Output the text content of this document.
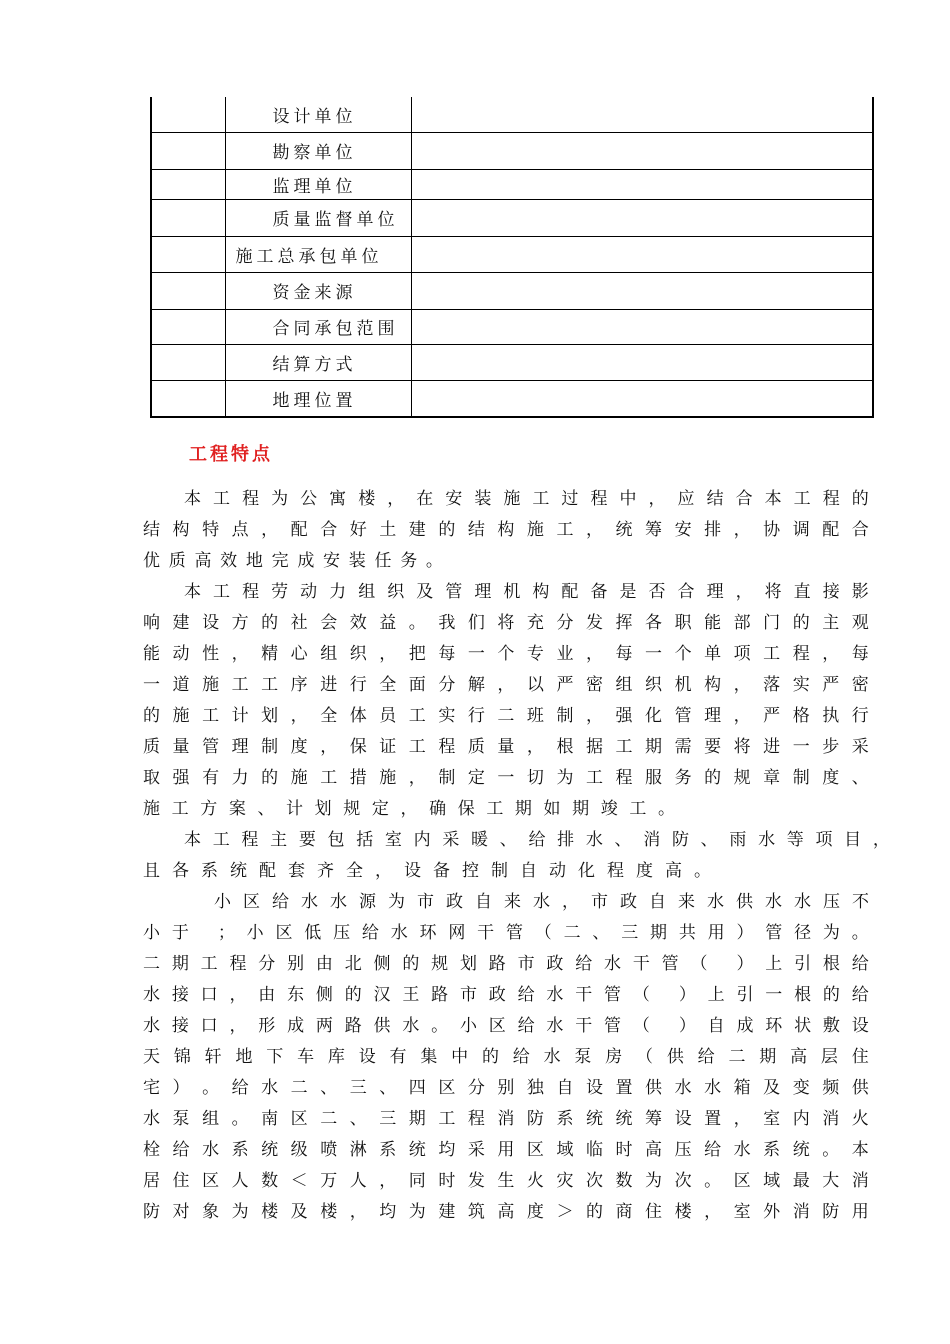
	设计单位	
	勘察单位	
	监理单位	
	质量监督单位	
	施工总承包单位	
	资金来源	
	合同承包范围	
	结算方式	
	地理位置	
工程特点
本 工 程 为 公 寓 楼 ， 在 安 装 施 工 过 程 中 ， 应 结 合 本 工 程 的
结 构 特 点 ， 配 合 好 土 建 的 结 构 施 工 ， 统 筹 安 排 ， 协 调 配 合
优 质 高 效 地 完 成 安 装 任 务 。
本 工 程 劳 动 力 组 织 及 管 理 机 构 配 备 是 否 合 理 ， 将 直 接 影
响 建 设 方 的 社 会 效 益 。 我 们 将 充 分 发 挥 各 职 能 部 门 的 主 观
能 动 性 ， 精 心 组 织 ， 把 每 一 个 专 业 ， 每 一 个 单 项 工 程 ， 每
一 道 施 工 工 序 进 行 全 面 分 解 ， 以 严 密 组 织 机 构 ， 落 实 严 密
的 施 工 计 划 ， 全 体 员 工 实 行 二 班 制 ， 强 化 管 理 ， 严 格 执 行
质 量 管 理 制 度 ， 保 证 工 程 质 量 ， 根 据 工 期 需 要 将 进 一 步 采
取 强 有 力 的 施 工 措 施 ， 制 定 一 切 为 工 程 服 务 的 规 章 制 度 、
施 工 方 案 、 计 划 规 定 ， 确 保 工 期 如 期 竣 工 。
本 工 程 主 要 包 括 室 内 采 暖 、 给 排 水 、 消 防 、 雨 水 等 项 目 ，
且 各 系 统 配 套 齐 全 ， 设 备 控 制 自 动 化 程 度 高 。
小 区 给 水 水 源 为 市 政 自 来 水 ， 市 政 自 来 水 供 水 水 压 不
小 于
； 小 区 低 压 给 水 环 网 干 管 （ 二 、 三 期 共 用 ） 管 径 为 。
二 期 工 程 分 别 由 北 侧 的 规 划 路 市 政 给 水 干 管 （
） 上 引 根 给
水 接 口 ， 由 东 侧 的 汉 王 路 市 政 给 水 干 管 （
） 上 引 一 根 的 给
水 接 口 ， 形 成 两 路 供 水 。 小 区 给 水 干 管 （
） 自 成 环 状 敷 设
天 锦 轩 地 下 车 库 设 有 集 中 的 给 水 泵 房 （ 供 给 二 期 高 层 住
宅 ） 。 给 水 二 、 三 、 四 区 分 别 独 自 设 置 供 水 水 箱 及 变 频 供
水 泵 组 。 南 区 二 、 三 期 工 程 消 防 系 统 统 筹 设 置 ， 室 内 消 火
栓 给 水 系 统 级 喷 淋 系 统 均 采 用 区 域 临 时 高 压 给 水 系 统 。 本
居 住 区 人 数 ＜ 万 人 ， 同 时 发 生 火 灾 次 数 为 次 。 区 域 最 大 消
防 对 象 为 楼 及 楼 ， 均 为 建 筑 高 度 ＞ 的 商 住 楼 ， 室 外 消 防 用
